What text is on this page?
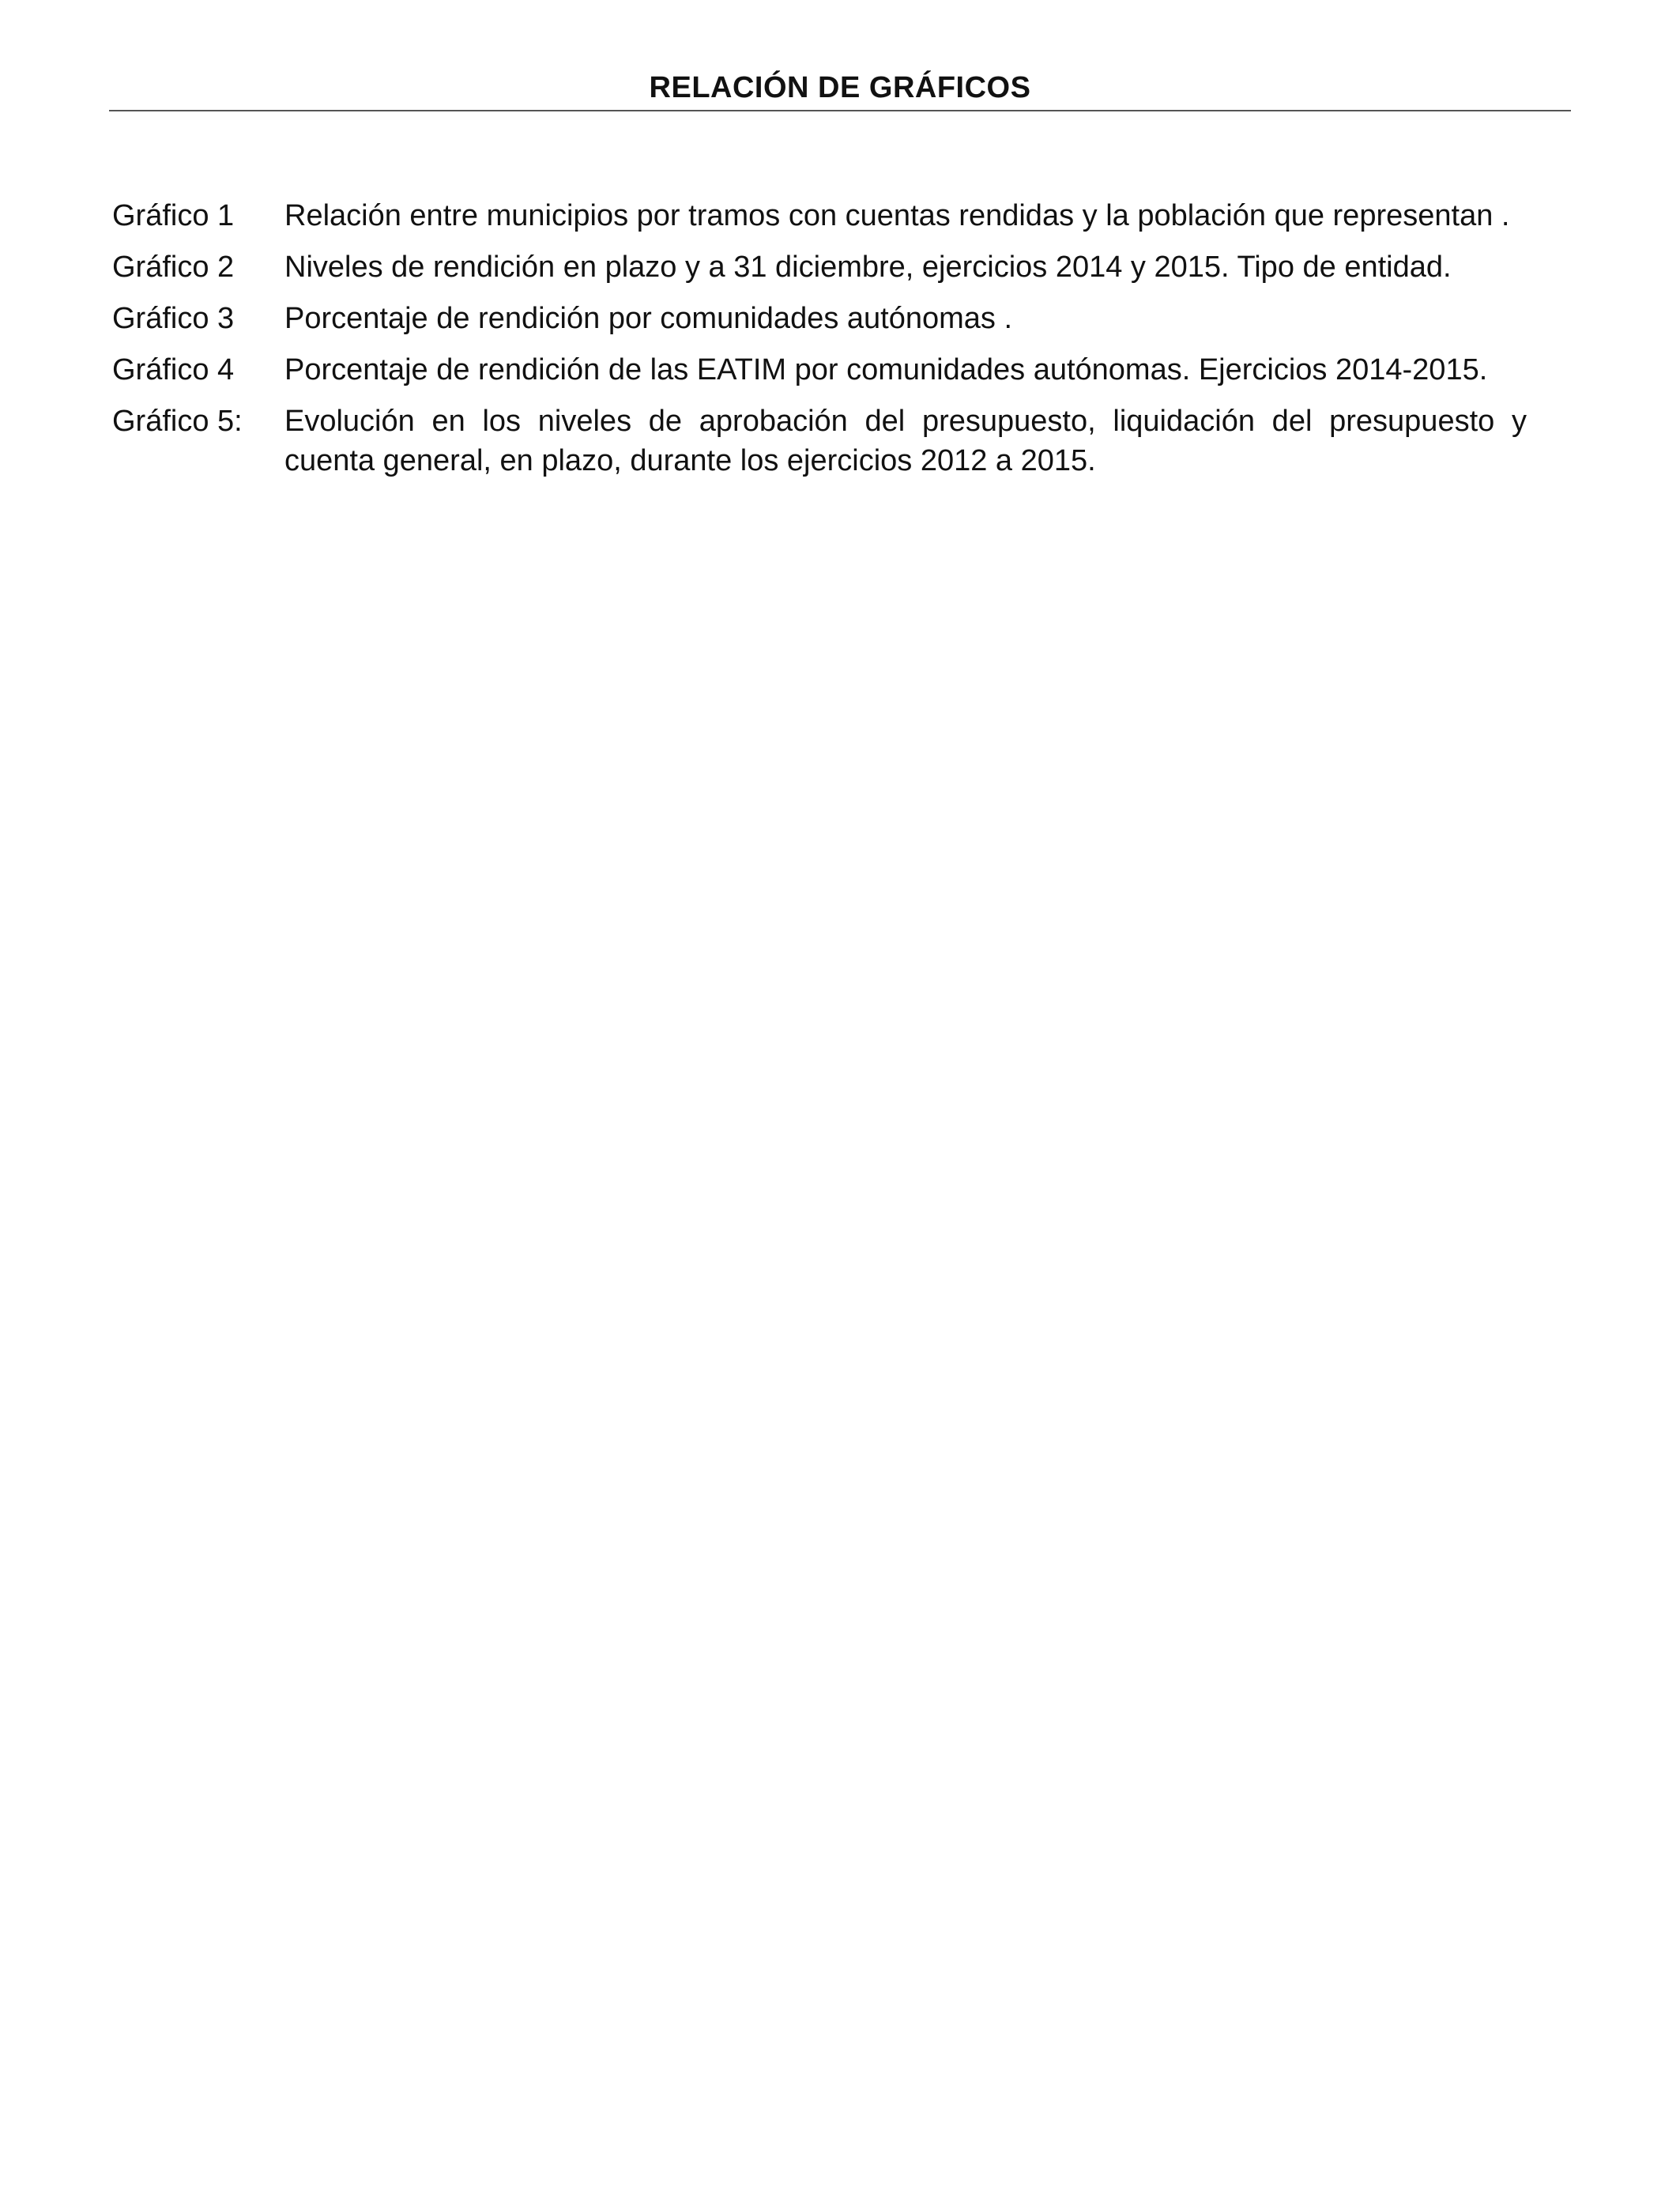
RELACIÓN DE GRÁFICOS
Gráfico 1	Relación entre municipios por tramos con cuentas rendidas y la población que representan .
Gráfico 2	Niveles de rendición en plazo y a 31 diciembre, ejercicios 2014 y 2015. Tipo de entidad.
Gráfico 3	Porcentaje de rendición por comunidades autónomas .
Gráfico 4	Porcentaje de rendición de las EATIM por comunidades autónomas. Ejercicios 2014-2015.
Gráfico 5:	Evolución en los niveles de aprobación del presupuesto, liquidación del presupuesto y cuenta general, en plazo, durante los ejercicios 2012 a 2015.
